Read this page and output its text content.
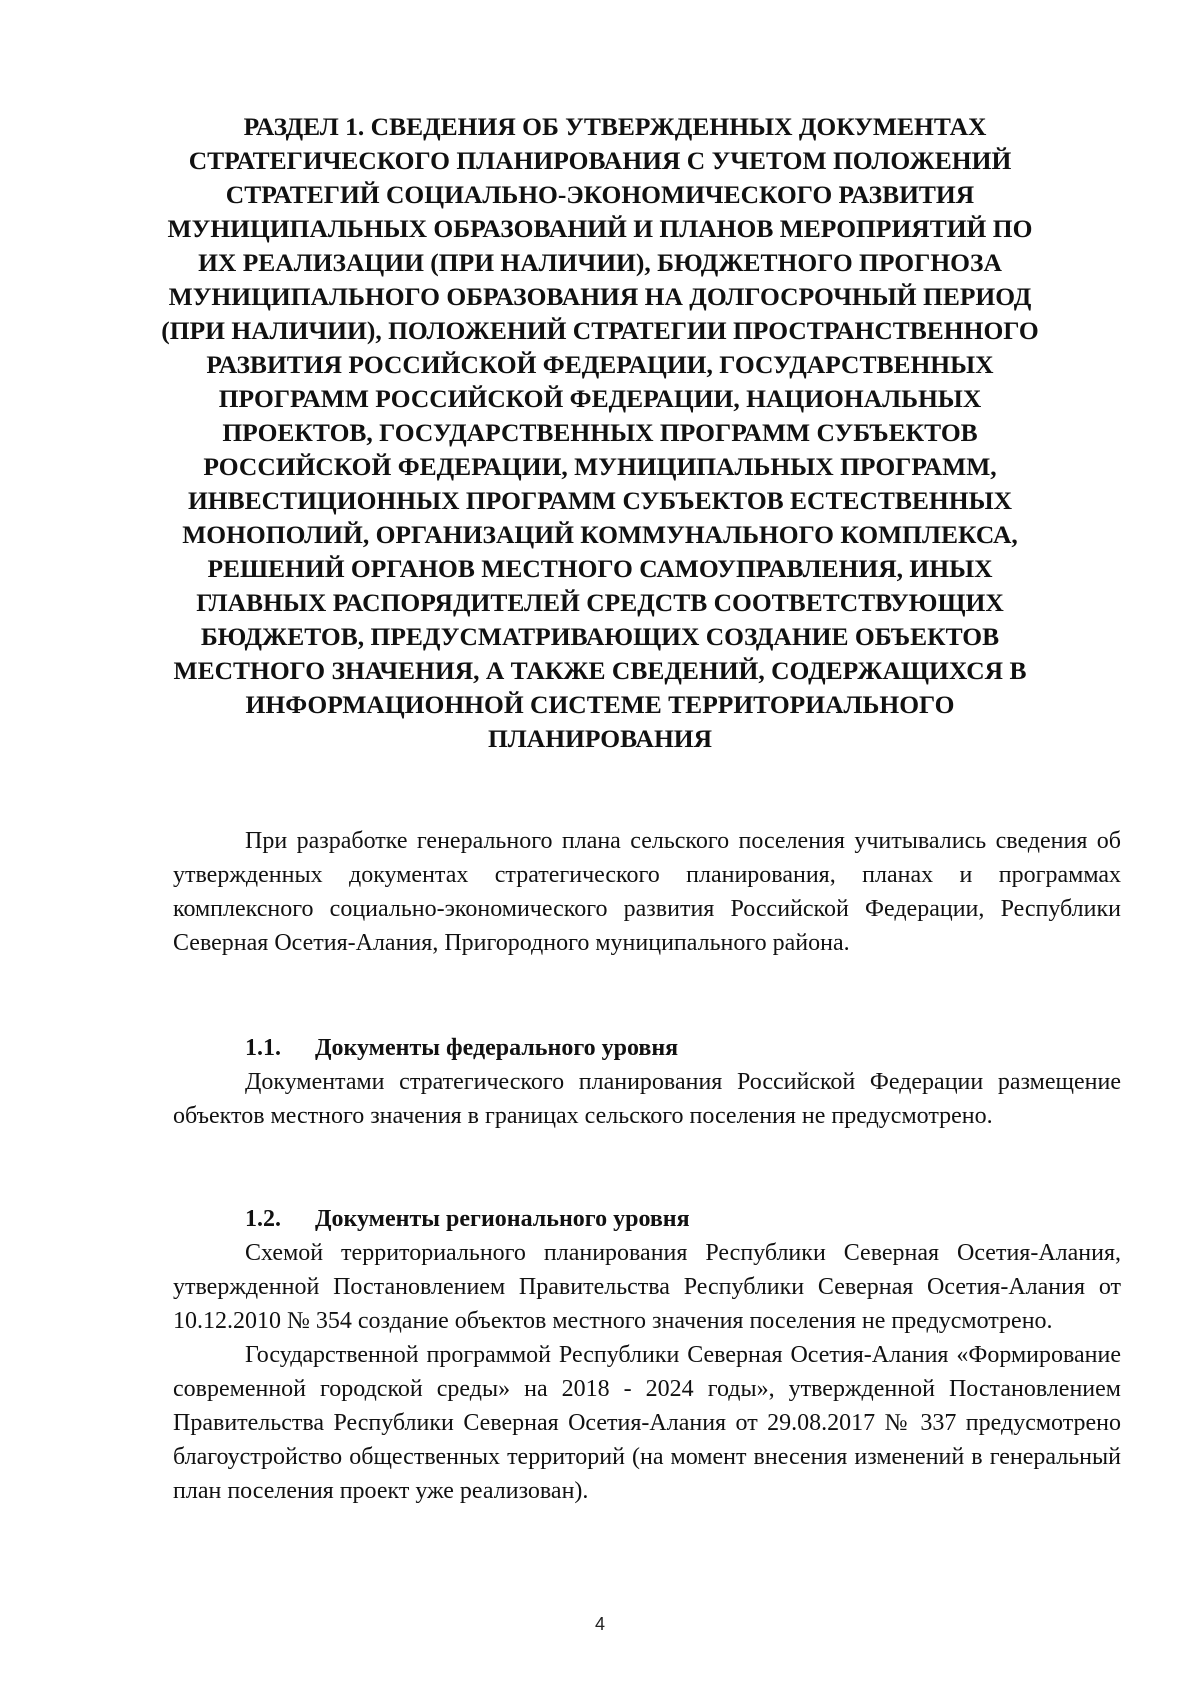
РАЗДЕЛ 1. СВЕДЕНИЯ ОБ УТВЕРЖДЕННЫХ ДОКУМЕНТАХ СТРАТЕГИЧЕСКОГО ПЛАНИРОВАНИЯ С УЧЕТОМ ПОЛОЖЕНИЙ СТРАТЕГИЙ СОЦИАЛЬНО-ЭКОНОМИЧЕСКОГО РАЗВИТИЯ МУНИЦИПАЛЬНЫХ ОБРАЗОВАНИЙ И ПЛАНОВ МЕРОПРИЯТИЙ ПО ИХ РЕАЛИЗАЦИИ (ПРИ НАЛИЧИИ), БЮДЖЕТНОГО ПРОГНОЗА МУНИЦИПАЛЬНОГО ОБРАЗОВАНИЯ НА ДОЛГОСРОЧНЫЙ ПЕРИОД (ПРИ НАЛИЧИИ), ПОЛОЖЕНИЙ СТРАТЕГИИ ПРОСТРАНСТВЕННОГО РАЗВИТИЯ РОССИЙСКОЙ ФЕДЕРАЦИИ, ГОСУДАРСТВЕННЫХ ПРОГРАММ РОССИЙСКОЙ ФЕДЕРАЦИИ, НАЦИОНАЛЬНЫХ ПРОЕКТОВ, ГОСУДАРСТВЕННЫХ ПРОГРАММ СУБЪЕКТОВ РОССИЙСКОЙ ФЕДЕРАЦИИ, МУНИЦИПАЛЬНЫХ ПРОГРАММ, ИНВЕСТИЦИОННЫХ ПРОГРАММ СУБЪЕКТОВ ЕСТЕСТВЕННЫХ МОНОПОЛИЙ, ОРГАНИЗАЦИЙ КОММУНАЛЬНОГО КОМПЛЕКСА, РЕШЕНИЙ ОРГАНОВ МЕСТНОГО САМОУПРАВЛЕНИЯ, ИНЫХ ГЛАВНЫХ РАСПОРЯДИТЕЛЕЙ СРЕДСТВ СООТВЕТСТВУЮЩИХ БЮДЖЕТОВ, ПРЕДУСМАТРИВАЮЩИХ СОЗДАНИЕ ОБЪЕКТОВ МЕСТНОГО ЗНАЧЕНИЯ, А ТАКЖЕ СВЕДЕНИЙ, СОДЕРЖАЩИХСЯ В ИНФОРМАЦИОННОЙ СИСТЕМЕ ТЕРРИТОРИАЛЬНОГО ПЛАНИРОВАНИЯ

При разработке генерального плана сельского поселения учитывались сведения об утвержденных документах стратегического планирования, планах и программах комплексного социально-экономического развития Российской Федерации, Республики Северная Осетия-Алания, Пригородного муниципального района.

1.1.	Документы федерального уровня

Документами стратегического планирования Российской Федерации размещение объектов местного значения в границах сельского поселения не предусмотрено.

1.2.	Документы регионального уровня

Схемой территориального планирования Республики Северная Осетия-Алания, утвержденной Постановлением Правительства Республики Северная Осетия-Алания от 10.12.2010 № 354 создание объектов местного значения поселения не предусмотрено.

Государственной программой Республики Северная Осетия-Алания «Формирование современной городской среды» на 2018 - 2024 годы», утвержденной Постановлением Правительства Республики Северная Осетия-Алания от 29.08.2017 № 337 предусмотрено благоустройство общественных территорий (на момент внесения изменений в генеральный план поселения проект уже реализован).

4
